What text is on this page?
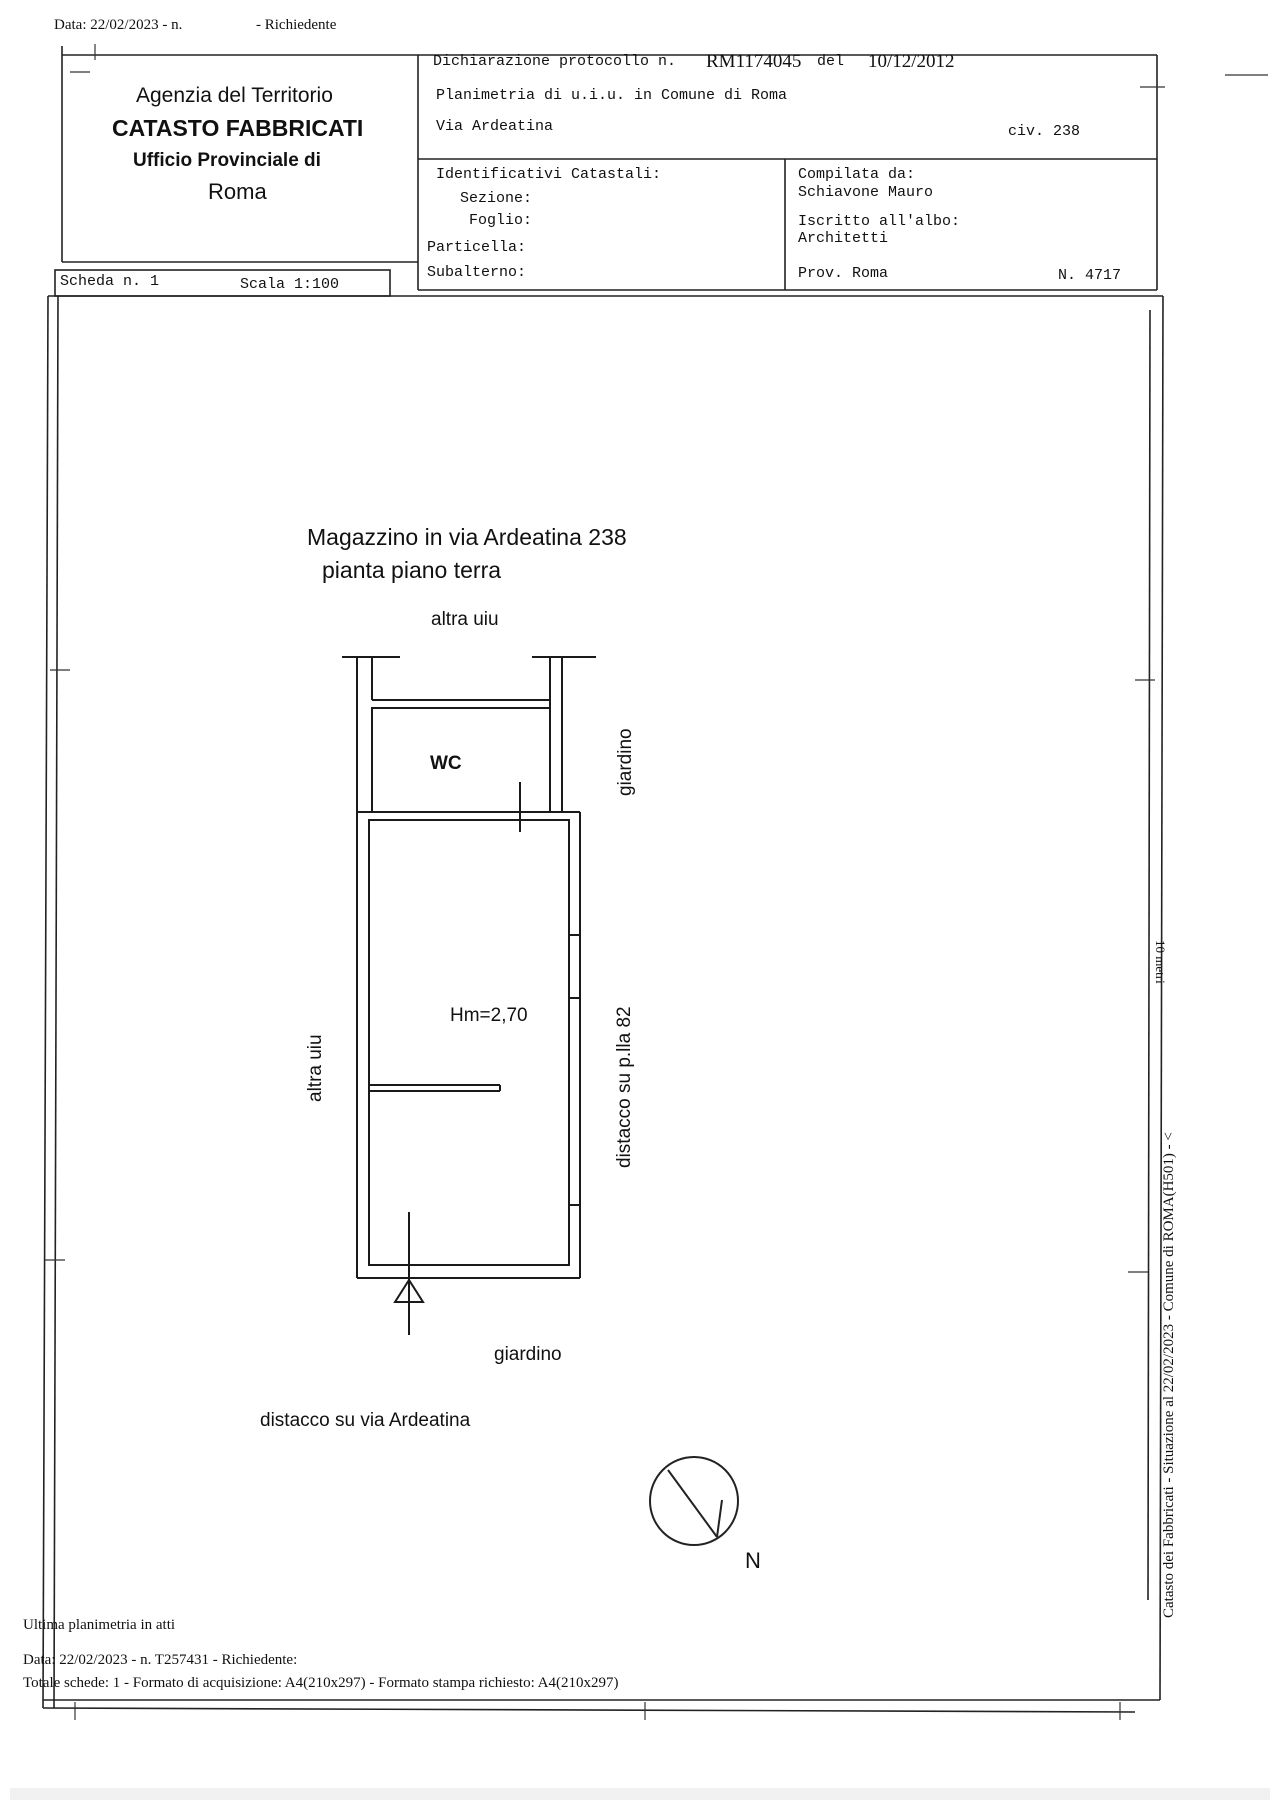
Data: 22/02/2023 - n.	- Richiedente
Agenzia del Territorio
CATASTO FABBRICATI
Ufficio Provinciale di
Roma
Dichiarazione protocollo n. RM1174045 del 10/12/2012
Planimetria di u.i.u. in Comune di Roma
Via Ardeatina	civ. 238
Identificativi Catastali:
Sezione:
Foglio:
Particella:
Subalterno:
Compilata da:
Schiavone Mauro
Iscritto all'albo:
Architetti
Prov. Roma	N. 4717
Scheda n. 1	Scala 1:100
Magazzino in via Ardeatina 238
pianta piano terra
altra uiu
WC
Hm=2,70
giardino
distacco su via Ardeatina
N
giardino
altra uiu	distacco su p.lla 82
10 metri
Catasto dei Fabbricati - Situazione al 22/02/2023 - Comune di ROMA(H501) - <
Ultima planimetria in atti
Data: 22/02/2023 - n. T257431 - Richiedente:
Totale schede: 1 - Formato di acquisizione: A4(210x297) - Formato stampa richiesto: A4(210x297)
